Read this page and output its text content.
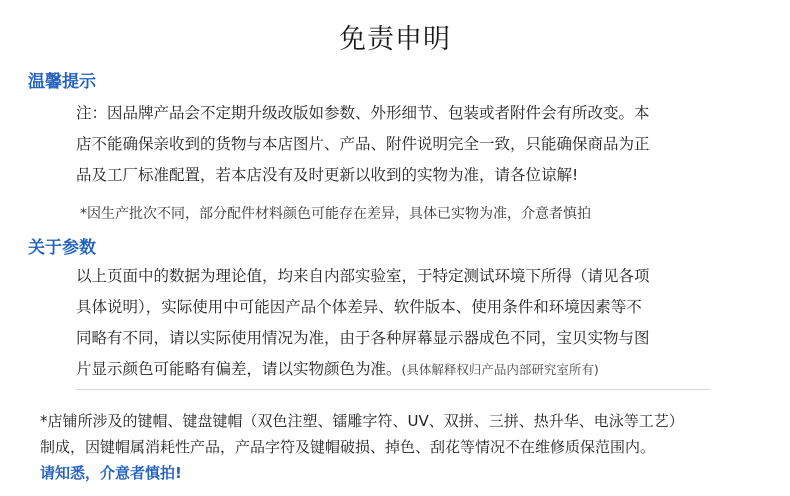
免责申明
温馨提示
注：因品牌产品会不定期升级改版如参数、外形细节、包装或者附件会有所改变。本
店不能确保亲收到的货物与本店图片、产品、附件说明完全一致，只能确保商品为正
品及工厂标准配置，若本店没有及时更新以收到的实物为准，请各位谅解!
*因生产批次不同，部分配件材料颜色可能存在差异，具体已实物为准，介意者慎拍
关于参数
以上页面中的数据为理论值，均来自内部实验室，于特定测试环境下所得（请见各项
具体说明），实际使用中可能因产品个体差异、软件版本、使用条件和环境因素等不
同略有不同，请以实际使用情况为准，由于各种屏幕显示器成色不同，宝贝实物与图
片显示颜色可能略有偏差，请以实物颜色为准。(具体解释权归产品内部研究室所有)
*店铺所涉及的键帽、键盘键帽（双色注塑、镭雕字符、UV、双拼、三拼、热升华、电泳等工艺）
制成，因键帽属消耗性产品，产品字符及键帽破损、掉色、刮花等情况不在维修质保范围内。
请知悉，介意者慎拍!
